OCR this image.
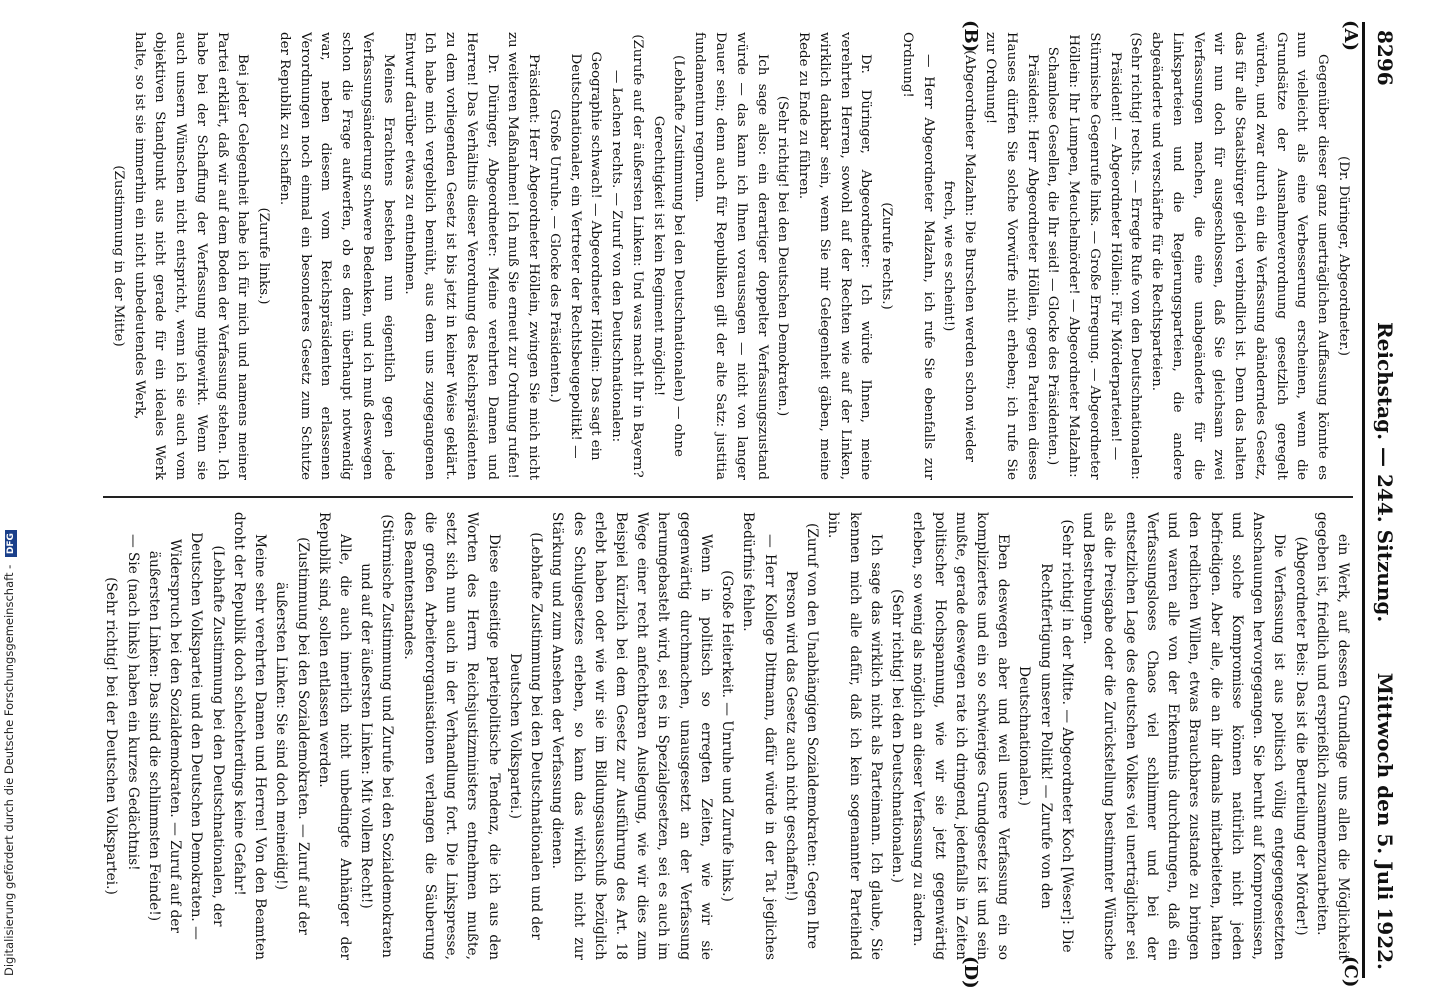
8296
Reichstag. — 244. Sitzung.
Mittwoch den 5. Juli 1922.
(A)
(B)
(C)
(D)

(Dr. Düringer, Abgeordneter.)

Gegenüber dieser ganz unerträglichen Auffassung könnte es nun vielleicht als eine Verbesserung erscheinen, wenn die Grundsätze der Ausnahmeverordnung gesetzlich geregelt würden, und zwar durch ein die Verfassung abänderndes Gesetz, das für alle Staatsbürger gleich verbindlich ist. Denn das halten wir nun doch für ausgeschlossen, daß Sie gleichsam zwei Verfassungen machen, die eine unabgeänderte für die Linksparteien und die Regierungsparteien, die andere abgeänderte und verschärfte für die Rechtsparteien.

(Sehr richtig! rechts. — Erregte Rufe von den Deutschnationalen: Präsident! — Abgeordneter Höllein: Für Mörderparteien! — Stürmische Gegenrufe links. — Große Erregung. — Abgeordneter Höllein: Ihr Lumpen, Meuchelmörder! — Abgeordneter Malzahn: Schamlose Gesellen, die Ihr seid! — Glocke des Präsidenten.)

Präsident: Herr Abgeordneter Höllein, gegen Parteien dieses Hauses dürfen Sie solche Vorwürfe nicht erheben; ich rufe Sie zur Ordnung!

(Abgeordneter Malzahn: Die Burschen werden schon wieder frech, wie es scheint!)

— Herr Abgeordneter Malzahn, ich rufe Sie ebenfalls zur Ordnung!

(Zurufe rechts.)

Dr. Düringer, Abgeordneter: Ich würde Ihnen, meine verehrten Herren, sowohl auf der Rechten wie auf der Linken, wirklich dankbar sein, wenn Sie mir Gelegenheit gäben, meine Rede zu Ende zu führen.

(Sehr richtig! bei den Deutschen Demokraten.)

Ich sage also: ein derartiger doppelter Verfassungszustand würde — das kann ich Ihnen voraussagen — nicht von langer Dauer sein; denn auch für Republiken gilt der alte Satz: justitia fundamentum regnorum.

(Lebhafte Zustimmung bei den Deutschnationalen) — ohne Gerechtigkeit ist kein Regiment möglich!

(Zurufe auf der äußersten Linken: Und was macht Ihr in Bayern? — Lachen rechts. — Zuruf von den Deutschnationalen: Geographie schwach! — Abgeordneter Höllein: Das sagt ein Deutschnationaler, ein Vertreter der Rechtsbeugepolitik! — Große Unruhe. — Glocke des Präsidenten.)

Präsident: Herr Abgeordneter Höllein, zwingen Sie mich nicht zu weiteren Maßnahmen! Ich muß Sie erneut zur Ordnung rufen!

Dr. Düringer, Abgeordneter: Meine verehrten Damen und Herren! Das Verhältnis dieser Verordnung des Reichspräsidenten zu dem vorliegenden Gesetz ist bis jetzt in keiner Weise geklärt. Ich habe mich vergeblich bemüht, aus dem uns zugegangenen Entwurf darüber etwas zu entnehmen.

Meines Erachtens bestehen nun eigentlich gegen jede Verfassungsänderung schwere Bedenken, und ich muß deswegen schon die Frage aufwerfen, ob es denn überhaupt notwendig war, neben diesem vom Reichspräsidenten erlassenen Verordnungen noch einmal ein besonderes Gesetz zum Schutze der Republik zu schaffen.

(Zurufe links.)

Bei jeder Gelegenheit habe ich für mich und namens meiner Partei erklärt, daß wir auf dem Boden der Verfassung stehen. Ich habe bei der Schaffung der Verfassung mitgewirkt. Wenn sie auch unsern Wünschen nicht entspricht, wenn ich sie auch vom objektiven Standpunkt aus nicht gerade für ein ideales Werk halte, so ist sie immerhin ein nicht unbedeutendes Werk,

(Zustimmung in der Mitte)

ein Werk, auf dessen Grundlage uns allen die Möglichkeit gegeben ist, friedlich und ersprießlich zusammenzuarbeiten.

(Abgeordneter Beis: Das ist die Beurteilung der Mörder!)

Die Verfassung ist aus politisch völlig entgegengesetzten Anschauungen hervorgegangen. Sie beruht auf Kompromissen, und solche Kompromisse können natürlich nicht jeden befriedigen. Aber alle, die an ihr damals mitarbeiteten, hatten den redlichen Willen, etwas Brauchbares zustande zu bringen und waren alle von der Erkenntnis durchdrungen, daß ein Verfassungsloses Chaos viel schlimmer und bei der entsetzlichen Lage des deutschen Volkes viel unerträglicher sei als die Preisgabe oder die Zurückstellung bestimmter Wünsche und Bestrebungen.

(Sehr richtig! in der Mitte. — Abgeordneter Koch [Weser]: Die Rechtfertigung unserer Politik! — Zurufe von den Deutschnationalen.)

Eben deswegen aber und weil unsere Verfassung ein so kompliziertes und ein so schwieriges Grundgesetz ist und sein mußte, gerade deswegen rate ich dringend, jedenfalls in Zeiten politischer Hochspannung, wie wir sie jetzt gegenwärtig erleben, so wenig als möglich an dieser Verfassung zu ändern.

(Sehr richtig! bei den Deutschnationalen.)

Ich sage das wirklich nicht als Parteimann. Ich glaube, Sie kennen mich alle dafür, daß ich kein sogenannter Parteiheld bin.

(Zuruf von den Unabhängigen Sozialdemokraten: Gegen Ihre Person wird das Gesetz auch nicht geschaffen!)

— Herr Kollege Dittmann, dafür würde in der Tat jegliches Bedürfnis fehlen.

(Große Heiterkeit. — Unruhe und Zurufe links.)

Wenn in politisch so erregten Zeiten, wie wir sie gegenwärtig durchmachen, unausgesetzt an der Verfassung herumgebastelt wird, sei es in Spezialgesetzen, sei es auch im Wege einer recht anfechtbaren Auslegung, wie wir dies zum Beispiel kürzlich bei dem Gesetz zur Ausführung des Art. 18 erlebt haben oder wie wir sie im Bildungsausschuß bezüglich des Schulgesetzes erleben, so kann das wirklich nicht zur Stärkung und zum Ansehen der Verfassung dienen.

(Lebhafte Zustimmung bei den Deutschnationalen und der Deutschen Volkspartei.)

Diese einseitige parteipolitische Tendenz, die ich aus den Worten des Herrn Reichsjustizministers entnehmen mußte, setzt sich nun auch in der Verhandlung fort. Die Linkspresse, die großen Arbeiterorganisationen verlangen die Säuberung des Beamtenstandes.

(Stürmische Zustimmung und Zurufe bei den Sozialdemokraten und auf der äußersten Linken: Mit vollem Recht!)

Alle, die auch innerlich nicht unbedingte Anhänger der Republik sind, sollen entlassen werden.

(Zustimmung bei den Sozialdemokraten. — Zuruf auf der äußersten Linken: Sie sind doch meineidig!)

Meine sehr verehrten Damen und Herren! Von den Beamten droht der Republik doch schlechterdings keine Gefahr!

(Lebhafte Zustimmung bei den Deutschnationalen, der Deutschen Volkspartei und den Deutschen Demokraten. — Widerspruch bei den Sozialdemokraten. — Zuruf auf der äußersten Linken: Das sind die schlimmsten Feinde!)

— Sie (nach links) haben ein kurzes Gedächtnis!

(Sehr richtig! bei der Deutschen Volkspartei.)

Digitalisierung gefördert durch die Deutsche Forschungsgemeinschaft - DFG
